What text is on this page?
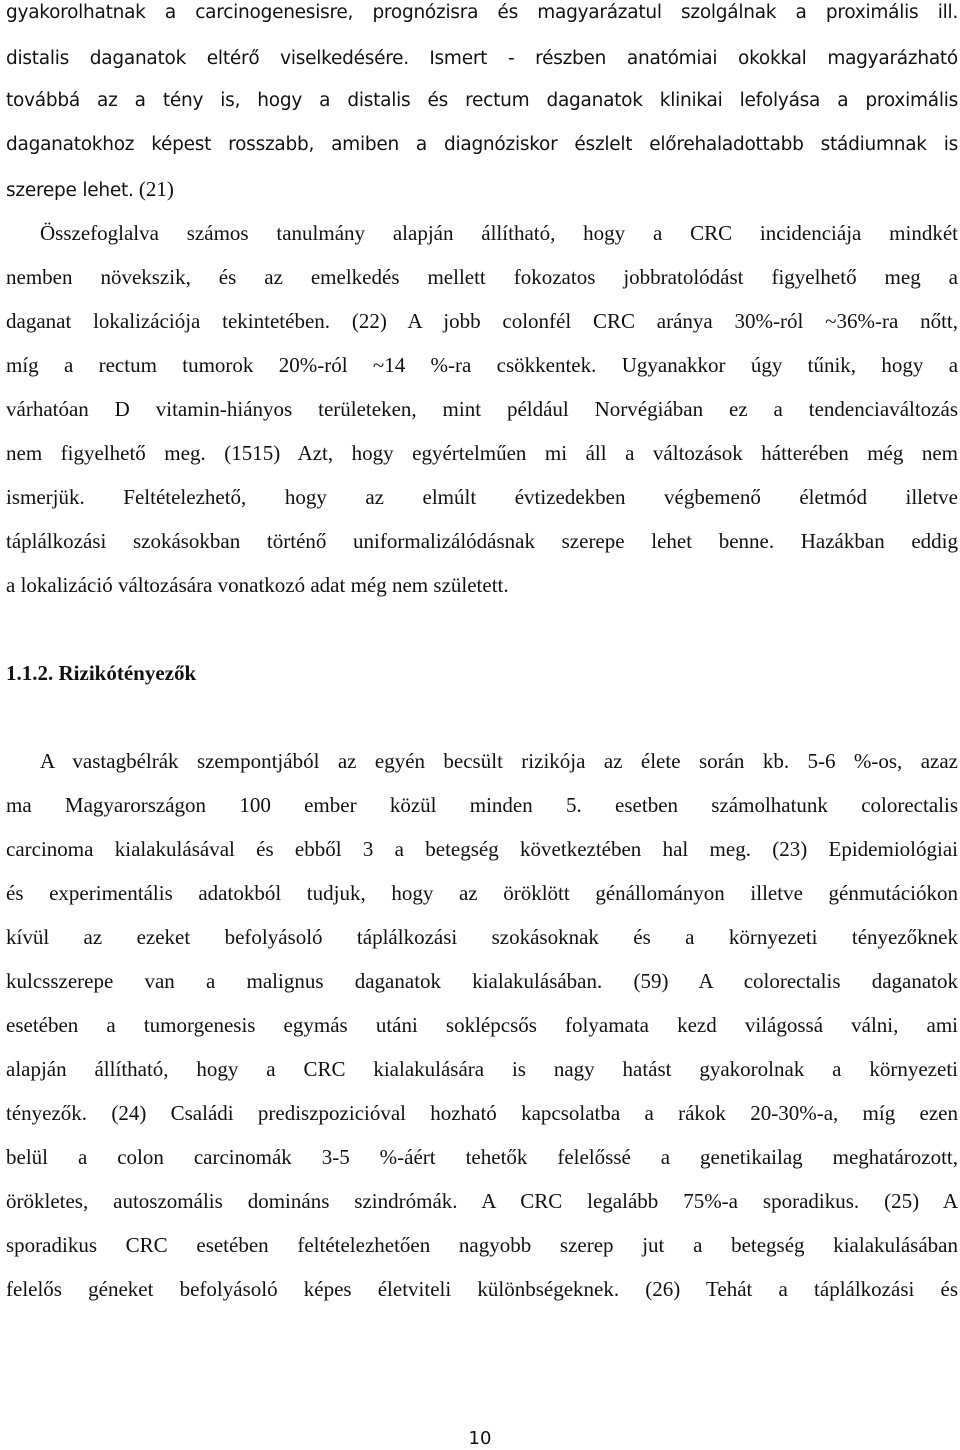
gyakorolhatnak a carcinogenesisre, prognózisra és magyarázatul szolgálnak a proximális ill.
distalis daganatok eltérő viselkedésére. Ismert - részben anatómiai okokkal magyarázható
továbbá az a tény is, hogy a distalis és rectum daganatok klinikai lefolyása a proximális
daganatokhoz képest rosszabb, amiben a diagnóziskor észlelt előrehaladottabb stádiumnak is
szerepe lehet. (21)
Összefoglalva számos tanulmány alapján állítható, hogy a CRC incidenciája mindkét
nemben növekszik, és az emelkedés mellett fokozatos jobbratolódást figyelhető meg a
daganat lokalizációja tekintetében. (22) A jobb colonfél CRC aránya 30%-ról ~36%-ra nőtt,
míg a rectum tumorok 20%-ról ~14 %-ra csökkentek. Ugyanakkor úgy tűnik, hogy a
várhatóan D vitamin-hiányos területeken, mint például Norvégiában ez a tendenciaváltozás
nem figyelhető meg. (1515) Azt, hogy egyértelműen mi áll a változások hátterében még nem
ismerjük. Feltételezhető, hogy az elmúlt évtizedekben végbemenő életmód illetve
táplálkozási szokásokban történő uniformalizálódásnak szerepe lehet benne. Hazákban eddig
a lokalizáció változására vonatkozó adat még nem született.
1.1.2. Rizikótényezők
A vastagbélrák szempontjából az egyén becsült rizikója az élete során kb. 5-6 %-os, azaz
ma Magyarországon 100 ember közül minden 5. esetben számolhatunk colorectalis
carcinoma kialakulásával és ebből 3 a betegség következtében hal meg. (23) Epidemiológiai
és experimentális adatokból tudjuk, hogy az öröklött génállományon illetve génmutációkon
kívül az ezeket befolyásoló táplálkozási szokásoknak és a környezeti tényezőknek
kulcsszerepe van a malignus daganatok kialakulásában. (59) A colorectalis daganatok
esetében a tumorgenesis egymás utáni soklépcsős folyamata kezd világossá válni, ami
alapján állítható, hogy a CRC kialakulására is nagy hatást gyakorolnak a környezeti
tényezők. (24) Családi prediszpozicióval hozható kapcsolatba a rákok 20-30%-a, míg ezen
belül a colon carcinomák 3-5 %-áért tehetők felelőssé a genetikailag meghatározott,
örökletes, autoszomális domináns szindrómák. A CRC legalább 75%-a sporadikus. (25) A
sporadikus CRC esetében feltételezhetően nagyobb szerep jut a betegség kialakulásában
felelős géneket befolyásoló képes életviteli különbségeknek. (26) Tehát a táplálkozási és
10
